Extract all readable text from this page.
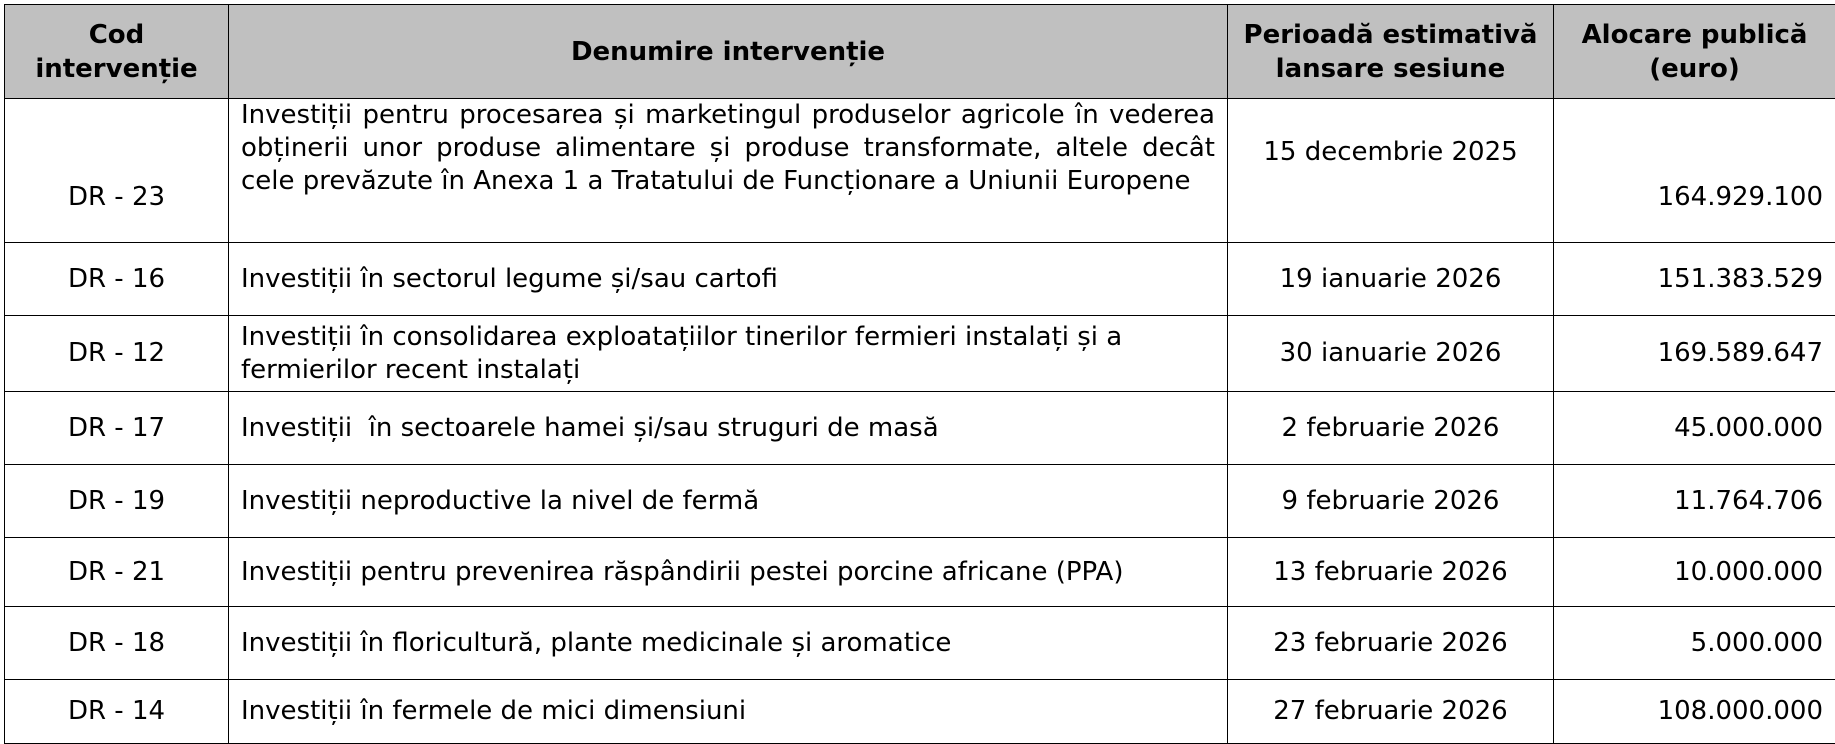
Cod intervenție	Denumire intervenție	Perioadă estimativă lansare sesiune	Alocare publică (euro)
DR - 23	Investiții pentru procesarea și marketingul produselor agricole în vederea obținerii unor produse alimentare și produse transformate, altele decât cele prevăzute în Anexa 1 a Tratatului de Funcționare a Uniunii Europene	15 decembrie 2025	164.929.100
DR - 16	Investiții în sectorul legume și/sau cartofi	19 ianuarie 2026	151.383.529
DR - 12	Investiții în consolidarea exploatațiilor tinerilor fermieri instalați și a fermierilor recent instalați	30 ianuarie 2026	169.589.647
DR - 17	Investiții  în sectoarele hamei și/sau struguri de masă	2 februarie 2026	45.000.000
DR - 19	Investiții neproductive la nivel de fermă	9 februarie 2026	11.764.706
DR - 21	Investiții pentru prevenirea răspândirii pestei porcine africane (PPA)	13 februarie 2026	10.000.000
DR - 18	Investiții în floricultură, plante medicinale și aromatice	23 februarie 2026	5.000.000
DR - 14	Investiții în fermele de mici dimensiuni	27 februarie 2026	108.000.000
